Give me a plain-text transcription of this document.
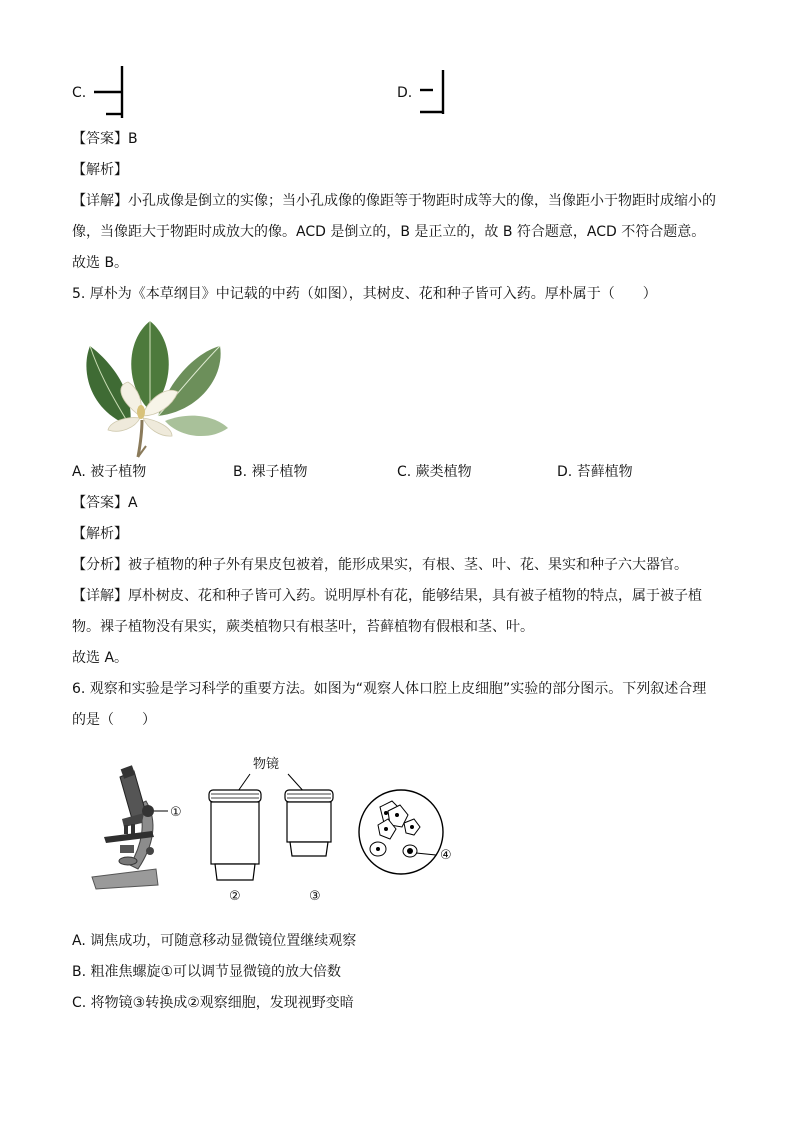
C.	D.
【答案】B
【解析】
【详解】小孔成像是倒立的实像；当小孔成像的像距等于物距时成等大的像，当像距小于物距时成缩小的
像，当像距大于物距时成放大的像。ACD 是倒立的，B 是正立的，故 B 符合题意，ACD 不符合题意。
故选 B。
5. 厚朴为《本草纲目》中记载的中药（如图），其树皮、花和种子皆可入药。厚朴属于（　　）
A. 被子植物	B. 裸子植物	C. 蕨类植物	D. 苔藓植物
【答案】A
【解析】
【分析】被子植物的种子外有果皮包被着，能形成果实，有根、茎、叶、花、果实和种子六大器官。
【详解】厚朴树皮、花和种子皆可入药。说明厚朴有花，能够结果，具有被子植物的特点，属于被子植
物。裸子植物没有果实，蕨类植物只有根茎叶，苔藓植物有假根和茎、叶。
故选 A。
6. 观察和实验是学习科学的重要方法。如图为“观察人体口腔上皮细胞”实验的部分图示。下列叙述合理
的是（　　）
①
物镜
②	③
④
A. 调焦成功，可随意移动显微镜位置继续观察
B. 粗准焦螺旋①可以调节显微镜的放大倍数
C. 将物镜③转换成②观察细胞，发现视野变暗
